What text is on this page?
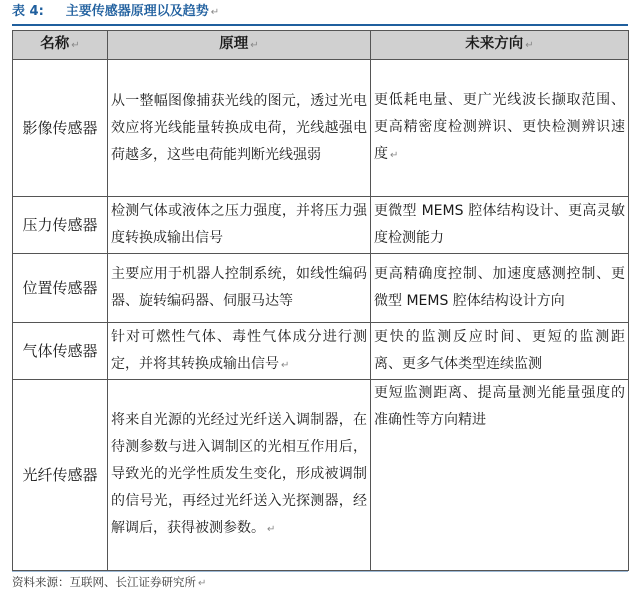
表 4: 主要传感器原理以及趋势 ↵
名称 ↵	原理 ↵	未来方向 ↵
影像传感器	从一整幅图像捕获光线的图元，透过光电效应将光线能量转换成电荷，光线越强电荷越多，这些电荷能判断光线强弱	更低耗电量、更广光线波长撷取范围、更高精密度检测辨识、更快检测辨识速度 ↵
压力传感器	检测气体或液体之压力强度，并将压力强度转换成输出信号	更微型 MEMS 腔体结构设计、更高灵敏度检测能力
位置传感器	主要应用于机器人控制系统，如线性编码器、旋转编码器、伺服马达等	更高精确度控制、加速度感测控制、更微型 MEMS 腔体结构设计方向
气体传感器	针对可燃性气体、毒性气体成分进行测定，并将其转换成输出信号 ↵	更快的监测反应时间、更短的监测距离、更多气体类型连续监测
光纤传感器	将来自光源的光经过光纤送入调制器，在待测参数与进入调制区的光相互作用后，导致光的光学性质发生变化，形成被调制的信号光，再经过光纤送入光探测器，经解调后，获得被测参数。 ↵	更短监测距离、提高量测光能量强度的准确性等方向精进
资料来源：互联网、长江证券研究所 ↵
